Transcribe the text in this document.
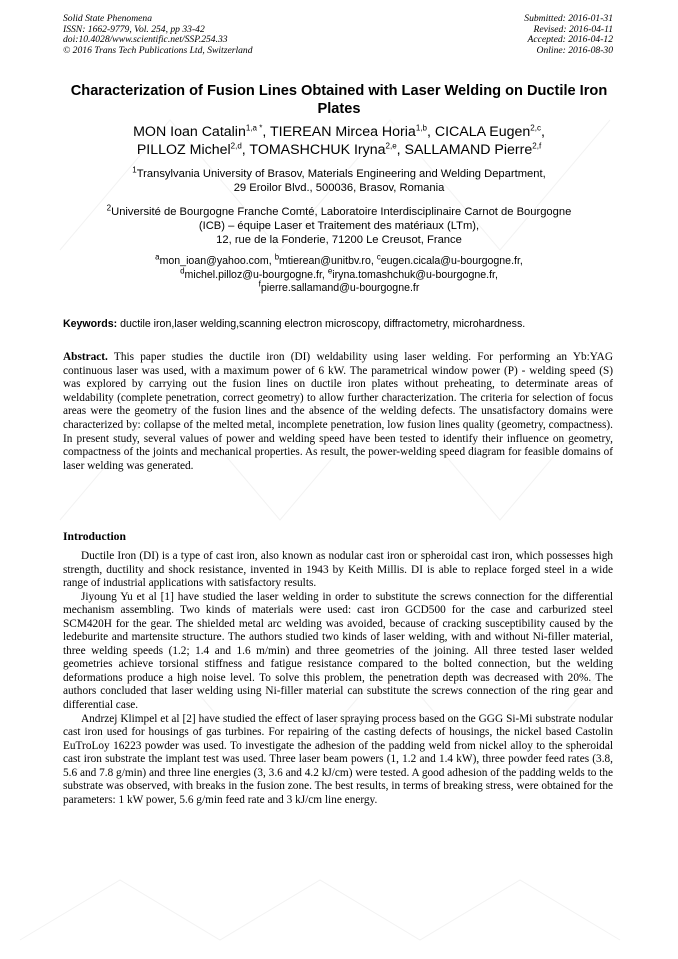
Solid State Phenomena
ISSN: 1662-9779, Vol. 254, pp 33-42
doi:10.4028/www.scientific.net/SSP.254.33
© 2016 Trans Tech Publications Ltd, Switzerland
Submitted: 2016-01-31
Revised: 2016-04-11
Accepted: 2016-04-12
Online: 2016-08-30
Characterization of Fusion Lines Obtained with Laser Welding on Ductile Iron Plates
MON Ioan Catalin$^{1,a *}$, TIEREAN Mircea Horia$^{1,b}$, CICALA Eugen$^{2,c}$,
PILLOZ Michel$^{2,d}$, TOMASHCHUK Iryna$^{2,e}$, SALLAMAND Pierre$^{2,f}$
$^1$Transylvania University of Brasov, Materials Engineering and Welding Department,
29 Eroilor Blvd., 500036, Brasov, Romania
$^2$Université de Bourgogne Franche Comté, Laboratoire Interdisciplinaire Carnot de Bourgogne
(ICB) – équipe Laser et Traitement des matériaux (LTm),
12, rue de la Fonderie, 71200 Le Creusot, France
$^a$mon_ioan@yahoo.com, $^b$mtierean@unitbv.ro, $^c$eugen.cicala@u-bourgogne.fr,
$^d$michel.pilloz@u-bourgogne.fr, $^e$iryna.tomashchuk@u-bourgogne.fr,
$^f$pierre.sallamand@u-bourgogne.fr
Keywords: ductile iron,laser welding,scanning electron microscopy, diffractometry, microhardness.
Abstract. This paper studies the ductile iron (DI) weldability using laser welding. For performing an Yb:YAG continuous laser was used, with a maximum power of 6 kW. The parametrical window power (P) - welding speed (S) was explored by carrying out the fusion lines on ductile iron plates without preheating, to determinate areas of weldability (complete penetration, correct geometry) to allow further characterization. The criteria for selection of focus areas were the geometry of the fusion lines and the absence of the welding defects. The unsatisfactory domains were characterized by: collapse of the melted metal, incomplete penetration, low fusion lines quality (geometry, compactness). In present study, several values of power and welding speed have been tested to identify their influence on geometry, compactness of the joints and mechanical properties. As result, the power-welding speed diagram for feasible domains of laser welding was generated.
Introduction

Ductile Iron (DI) is a type of cast iron, also known as nodular cast iron or spheroidal cast iron, which possesses high strength, ductility and shock resistance, invented in 1943 by Keith Millis. DI is able to replace forged steel in a wide range of industrial applications with satisfactory results.

Jiyoung Yu et al [1] have studied the laser welding in order to substitute the screws connection for the differential mechanism assembling. Two kinds of materials were used: cast iron GCD500 for the case and carburized steel SCM420H for the gear. The shielded metal arc welding was avoided, because of cracking susceptibility caused by the ledeburite and martensite structure. The authors studied two kinds of laser welding, with and without Ni-filler material, three welding speeds (1.2; 1.4 and 1.6 m/min) and three geometries of the joining. All three tested laser welded geometries achieve torsional stiffness and fatigue resistance compared to the bolted connection, but the welding deformations produce a high noise level. To solve this problem, the penetration depth was decreased with 20%. The authors concluded that laser welding using Ni-filler material can substitute the screws connection of the ring gear and differential case.

Andrzej Klimpel et al [2] have studied the effect of laser spraying process based on the GGG Si-Mi substrate nodular cast iron used for housings of gas turbines. For repairing of the casting defects of housings, the nickel based Castolin EuTroLoy 16223 powder was used. To investigate the adhesion of the padding weld from nickel alloy to the spheroidal cast iron substrate the implant test was used. Three laser beam powers (1, 1.2 and 1.4 kW), three powder feed rates (3.8, 5.6 and 7.8 g/min) and three line energies (3, 3.6 and 4.2 kJ/cm) were tested. A good adhesion of the padding welds to the substrate was observed, with breaks in the fusion zone. The best results, in terms of breaking stress, were obtained for the parameters: 1 kW power, 5.6 g/min feed rate and 3 kJ/cm line energy.
